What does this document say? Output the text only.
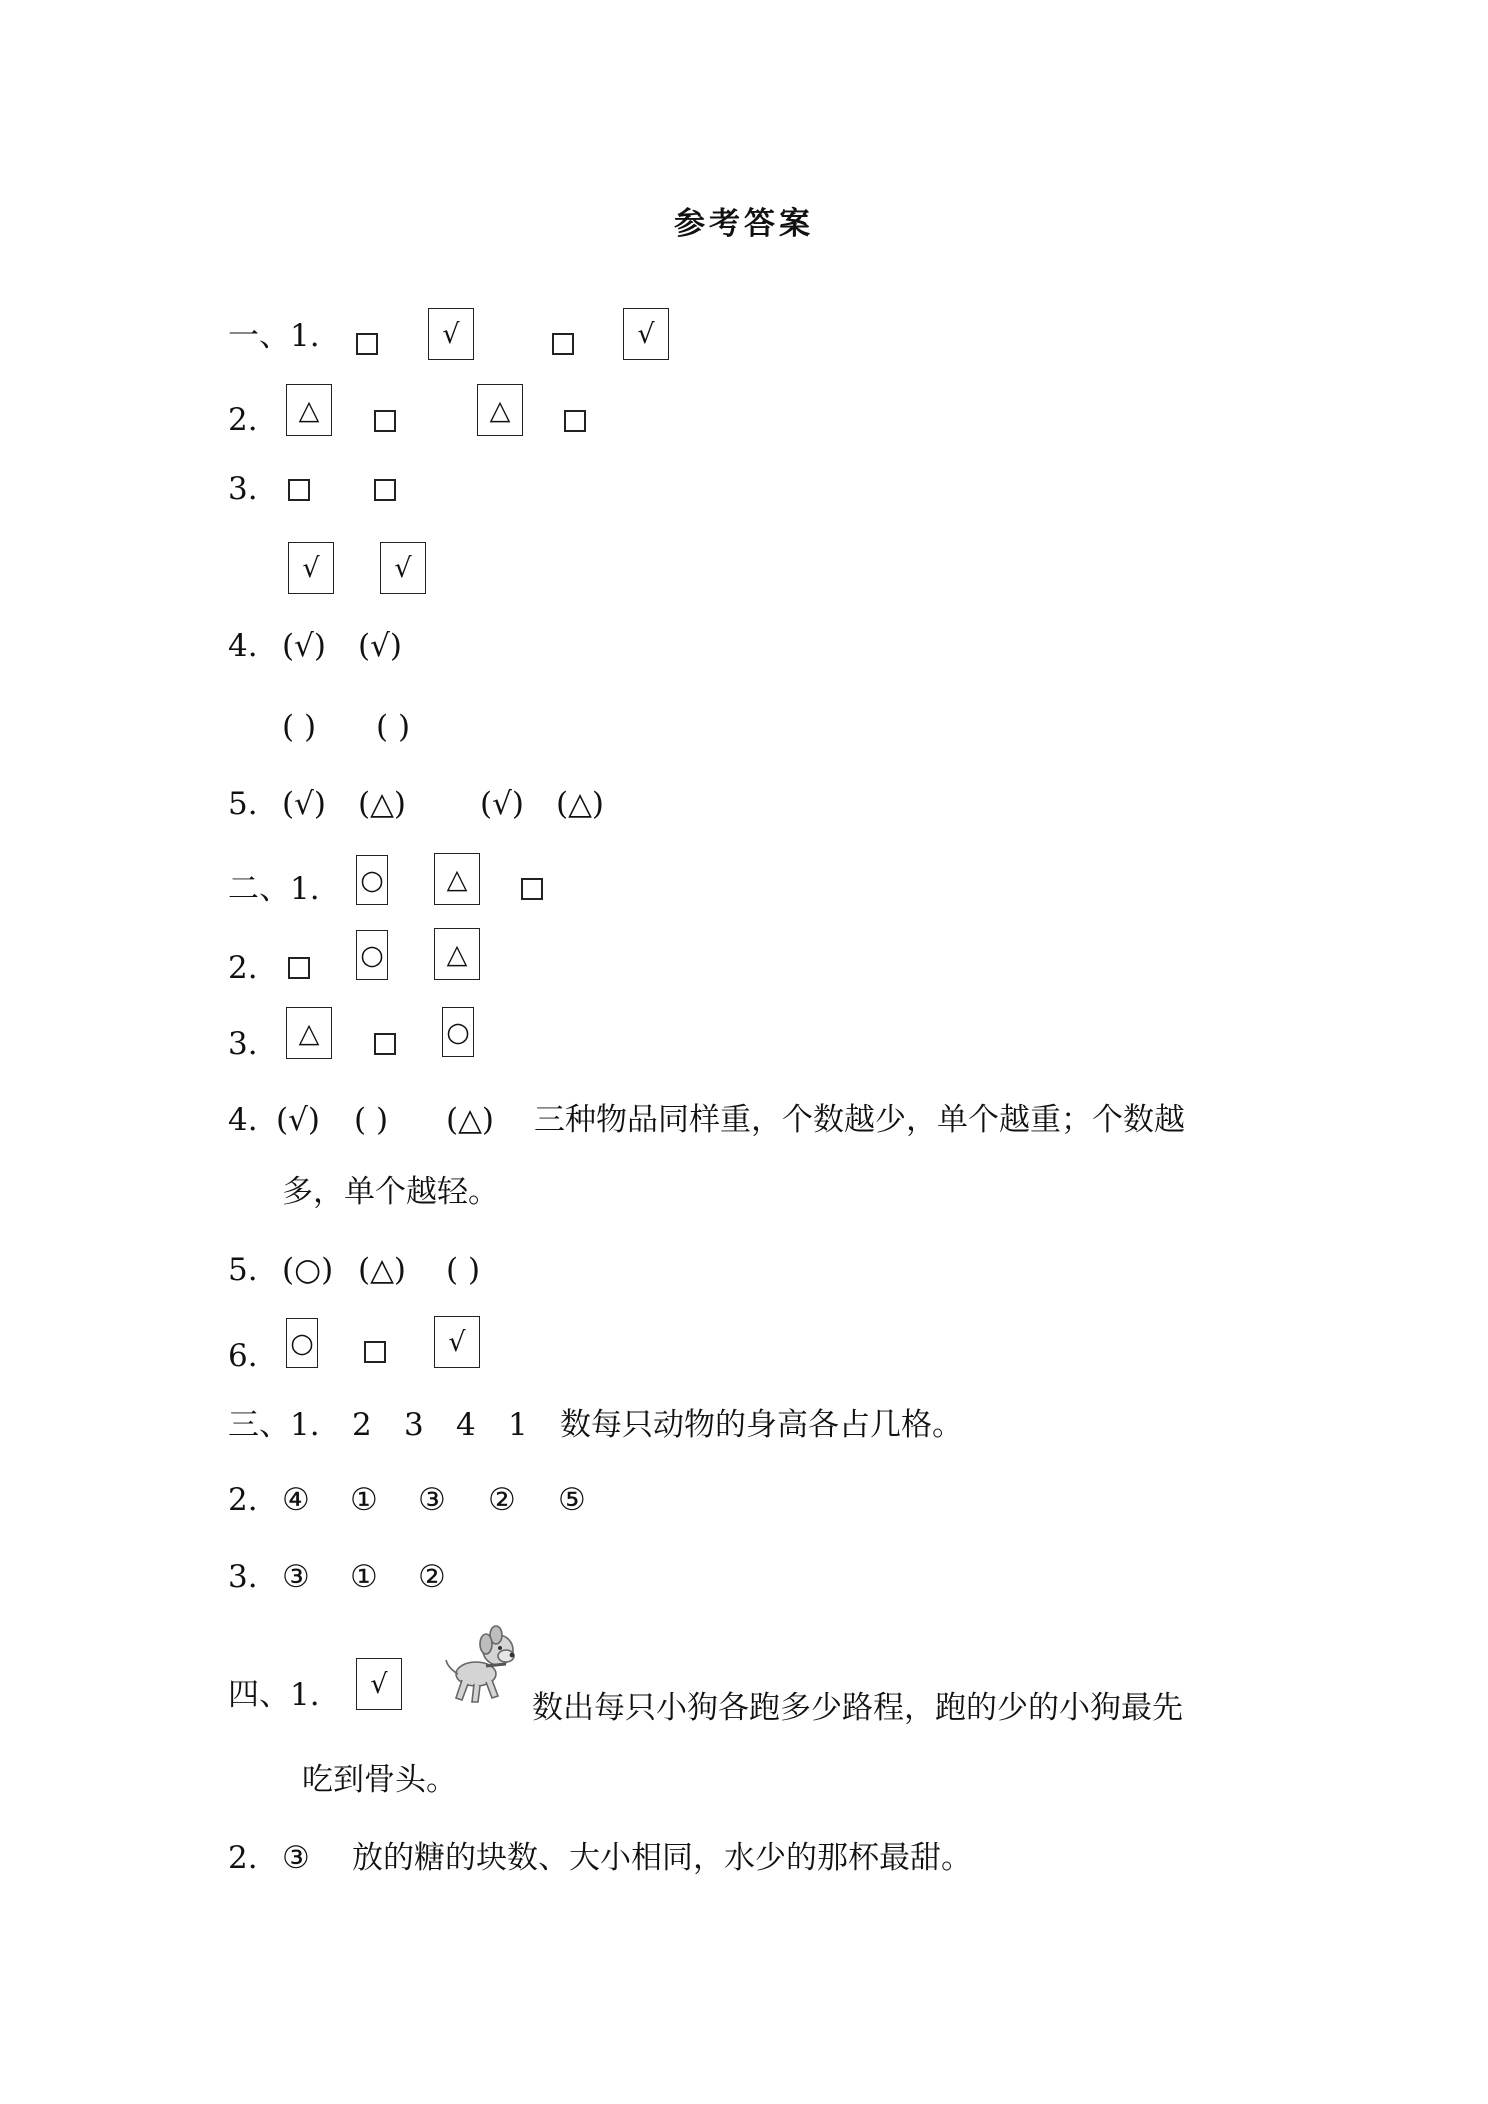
参考答案
一、1.	√	√
2.	△	△
3.
√	√
4. (√) (√)
( ) ( )
5. (√) (△) (√) (△)
二、1. ○	△
2.	○	△
3.	△	○
4. (√) ( ) (△) 三种物品同样重，个数越少，单个越重；个数越
多，单个越轻。
5. (○) (△) ( )
6. ○	√
三、1. 2 3 4 1 数每只动物的身高各占几格。
2. ④ ① ③ ② ⑤
3. ③ ① ②
四、1.	√
数出每只小狗各跑多少路程，跑的少的小狗最先
吃到骨头。
2. ③ 放的糖的块数、大小相同，水少的那杯最甜。
